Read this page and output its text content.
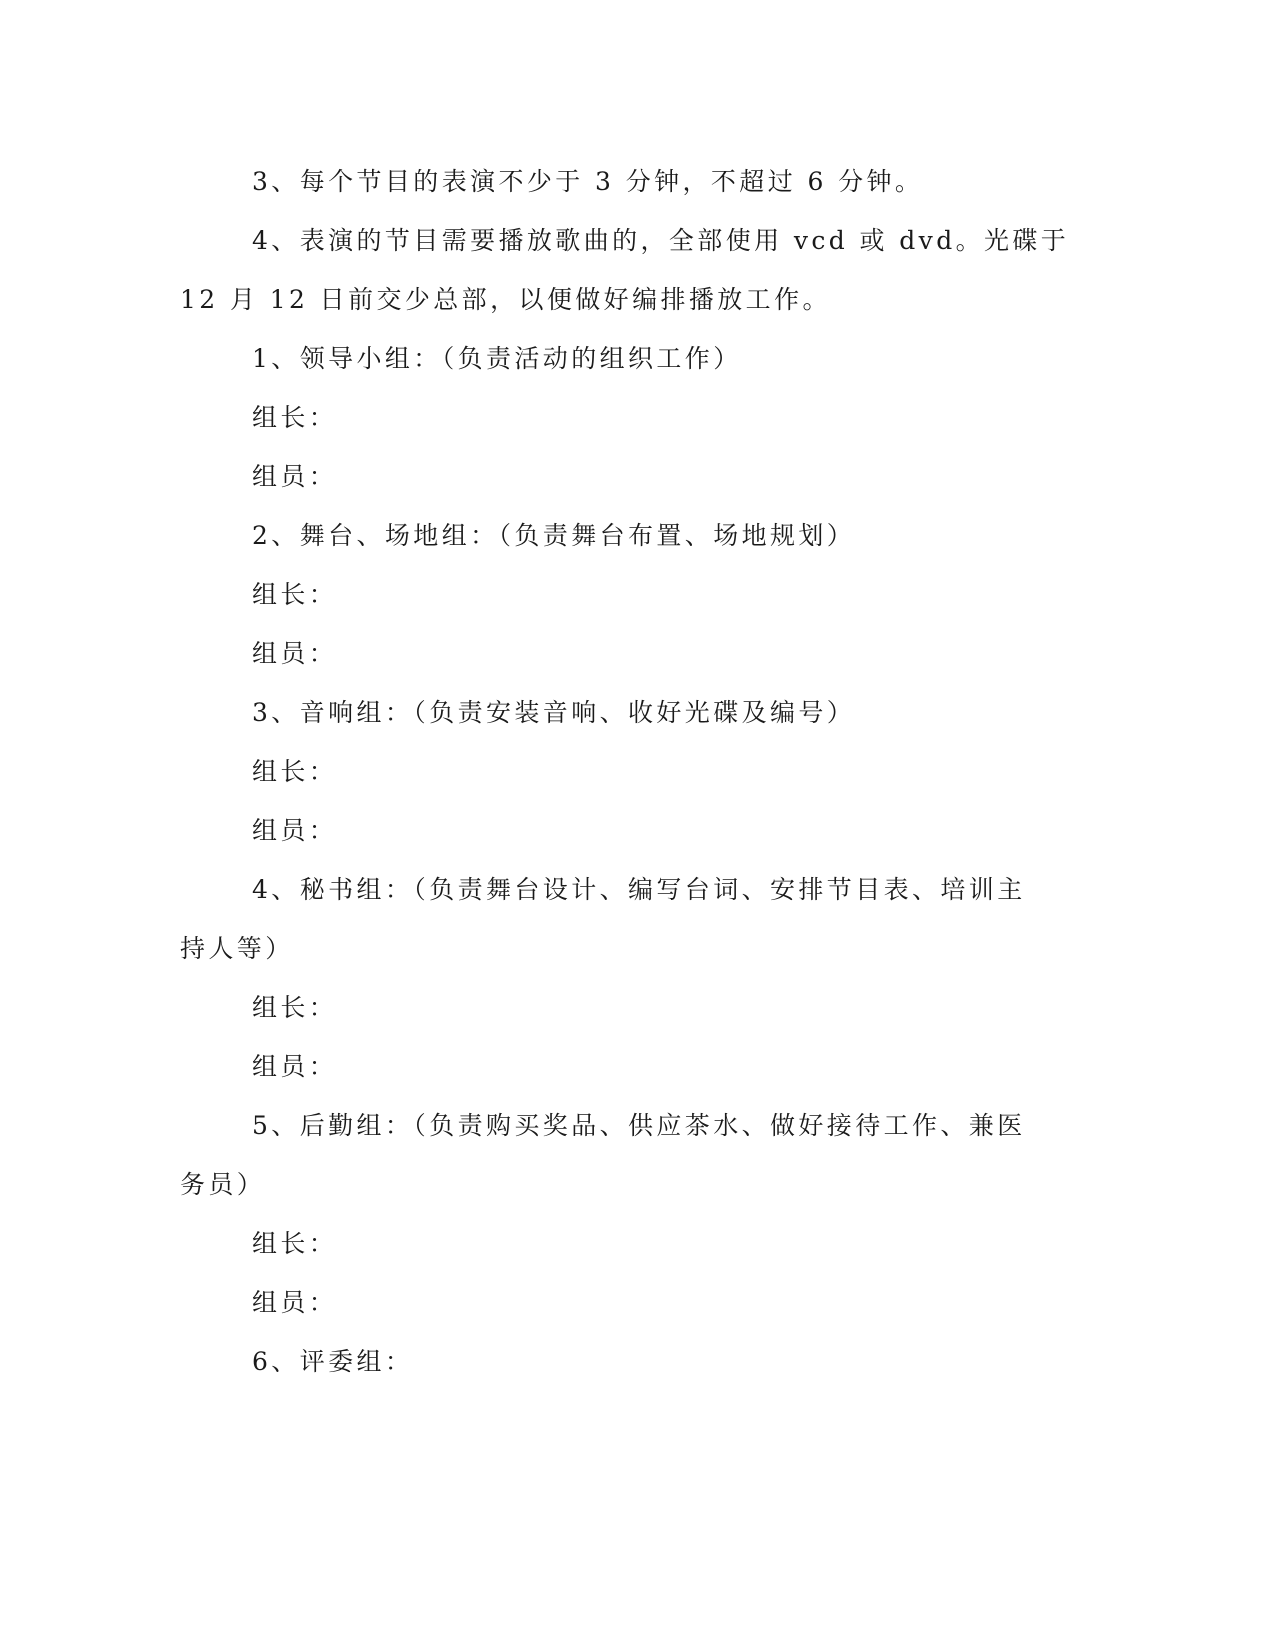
3、每个节目的表演不少于 3 分钟，不超过 6 分钟。
4、表演的节目需要播放歌曲的，全部使用 vcd 或 dvd。光碟于
12 月 12 日前交少总部，以便做好编排播放工作。
1、领导小组：（负责活动的组织工作）
组长：
组员：
2、舞台、场地组：（负责舞台布置、场地规划）
组长：
组员：
3、音响组：（负责安装音响、收好光碟及编号）
组长：
组员：
4、秘书组：（负责舞台设计、编写台词、安排节目表、培训主
持人等）
组长：
组员：
5、后勤组：（负责购买奖品、供应茶水、做好接待工作、兼医
务员）
组长：
组员：
6、评委组：
